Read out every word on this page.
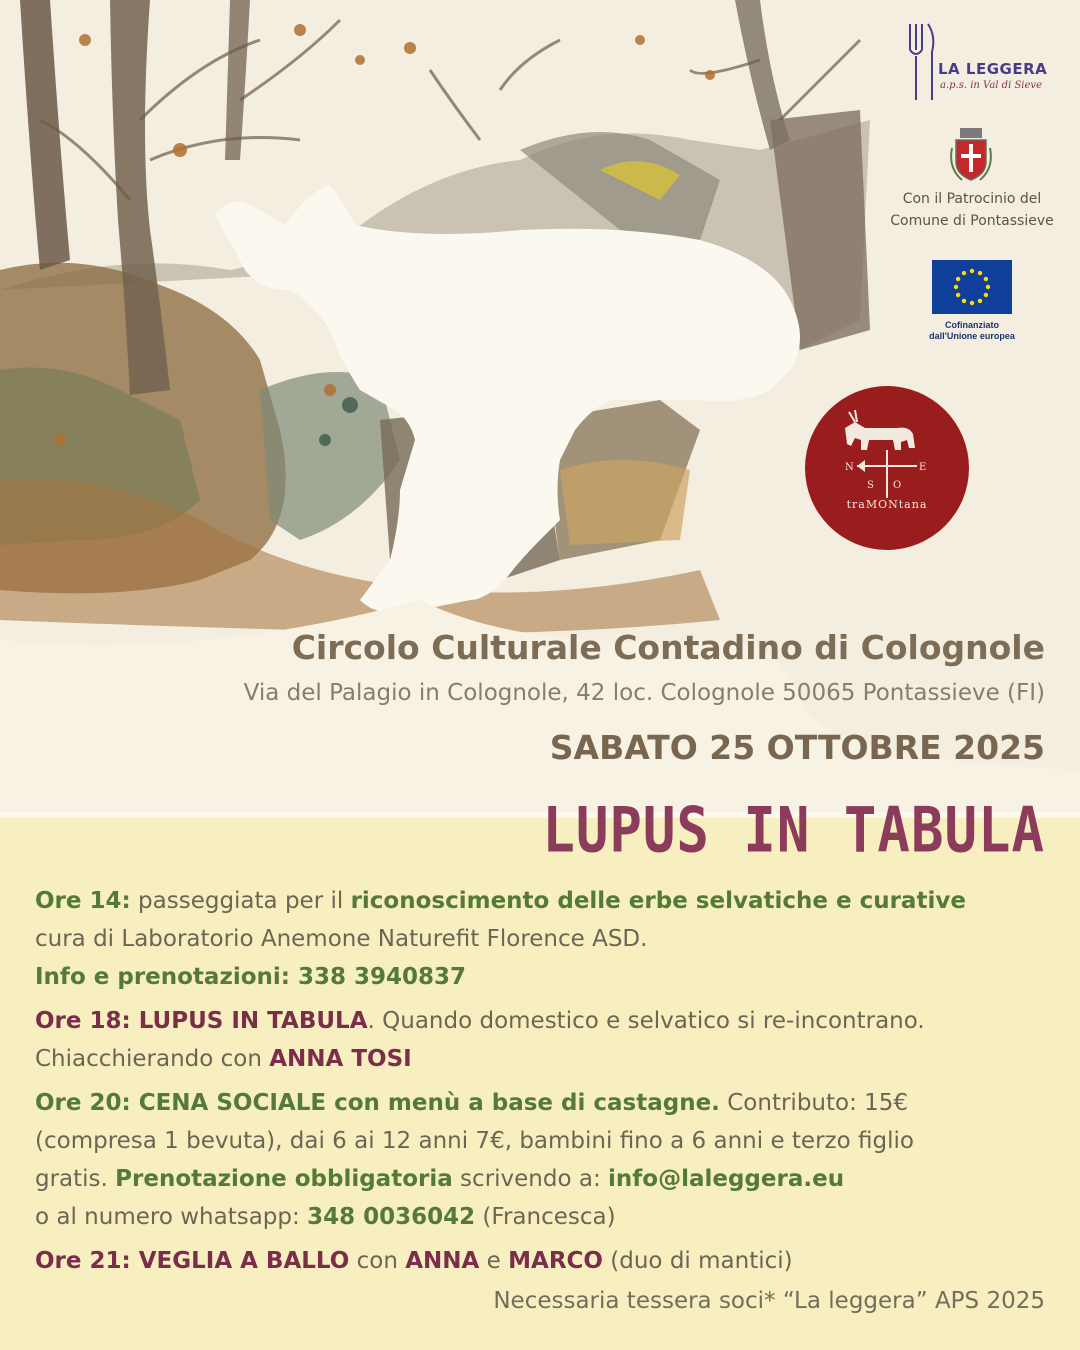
LA LEGGERA
a.p.s. in Val di Sieve
Con il Patrocinio del
Comune di Pontassieve
Cofinanziato
dall'Unione europea
N	E
S O
traMONtana
Circolo Culturale Contadino di Colognole
Via del Palagio in Colognole, 42 loc. Colognole 50065 Pontassieve (FI)
SABATO 25 OTTOBRE 2025
LUPUS IN TABULA
Ore 14: passeggiata per il riconoscimento delle erbe selvatiche e curative
cura di Laboratorio Anemone Naturefit Florence ASD.
Info e prenotazioni: 338 3940837
Ore 18: LUPUS IN TABULA. Quando domestico e selvatico si re-incontrano.
Chiacchierando con ANNA TOSI
Ore 20: CENA SOCIALE con menù a base di castagne. Contributo: 15€
(compresa 1 bevuta), dai 6 ai 12 anni 7€, bambini fino a 6 anni e terzo figlio
gratis. Prenotazione obbligatoria scrivendo a: info@laleggera.eu
o al numero whatsapp: 348 0036042 (Francesca)
Ore 21: VEGLIA A BALLO con ANNA e MARCO (duo di mantici)
Necessaria tessera soci* “La leggera” APS 2025
